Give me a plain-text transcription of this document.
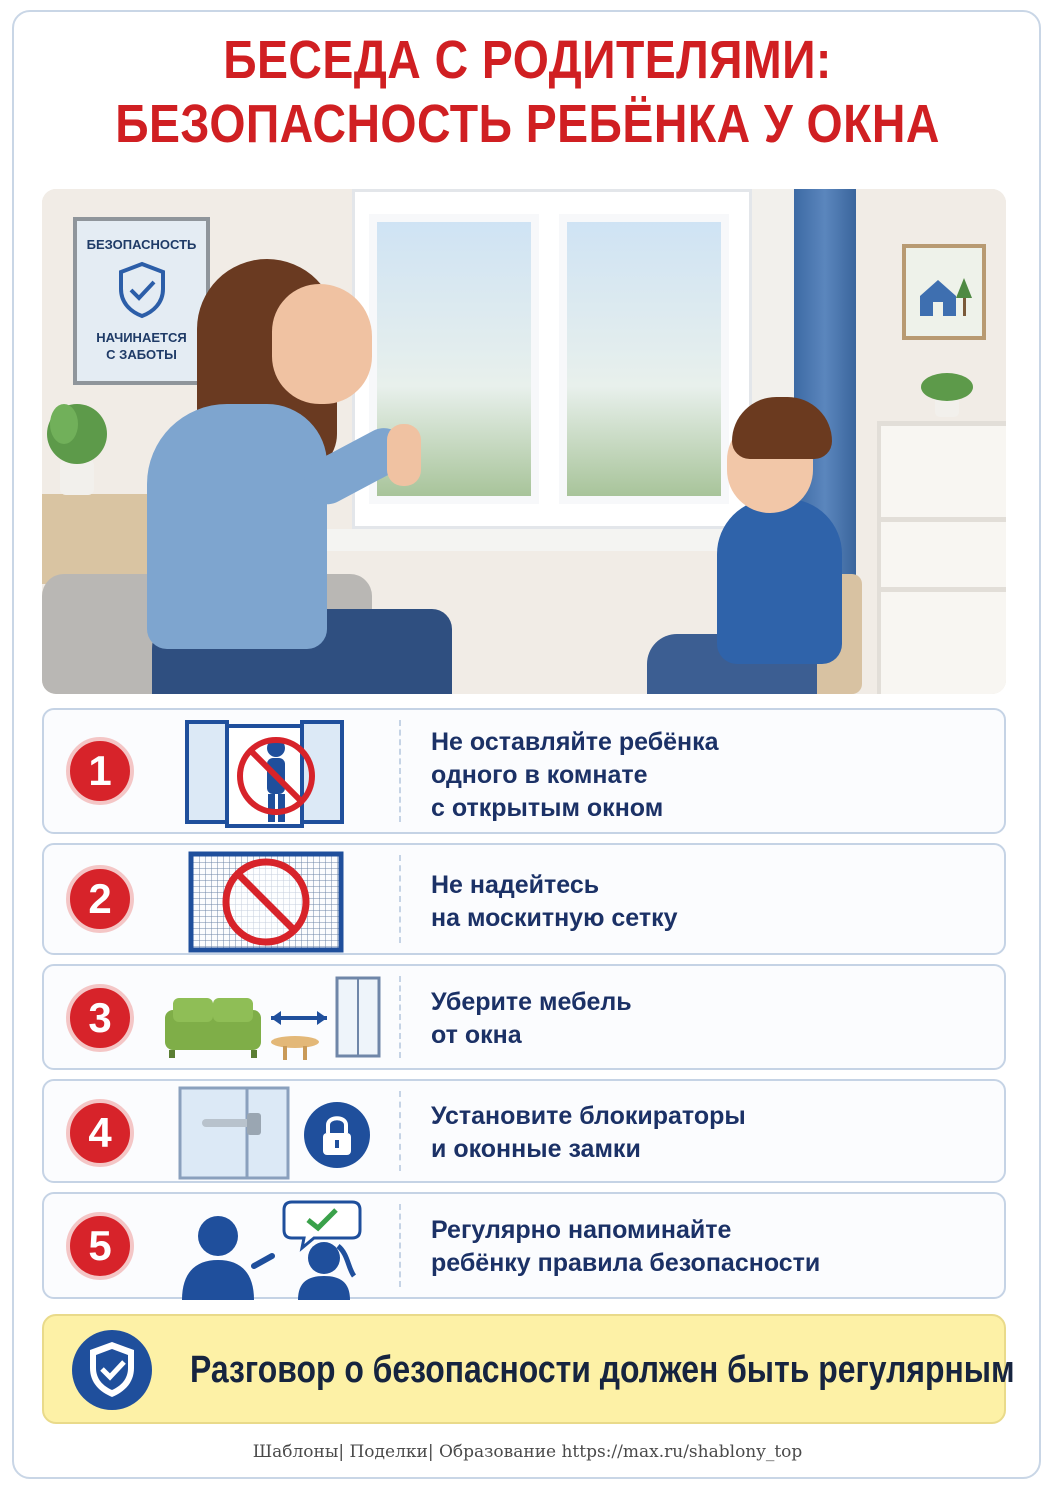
БЕСЕДА С РОДИТЕЛЯМИ:
БЕЗОПАСНОСТЬ РЕБЁНКА У ОКНА
БЕЗОПАСНОСТЬ
НАЧИНАЕТСЯ
С ЗАБОТЫ
1
Не оставляйте ребёнка
одного в комнате
с открытым окном
2	Не надейтесь
на москитную сетку
3	Уберите мебель
от окна
4	Установите блокираторы
и оконные замки
5	Регулярно напоминайте
ребёнку правила безопасности
Разговор о безопасности должен быть регулярным
Шаблоны| Поделки| Образование https://max.ru/shablony_top
